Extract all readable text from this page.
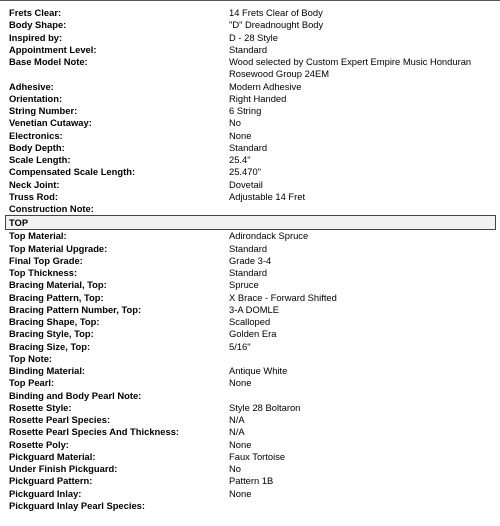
Frets Clear:	14 Frets Clear of Body
Body Shape:	"D" Dreadnought Body
Inspired by:	D - 28 Style
Appointment Level:	Standard
Base Model Note:	Wood selected by Custom Expert Empire Music Honduran Rosewood Group 24EM
Adhesive:	Modern Adhesive
Orientation:	Right Handed
String Number:	6 String
Venetian Cutaway:	No
Electronics:	None
Body Depth:	Standard
Scale Length:	25.4"
Compensated Scale Length:	25.470"
Neck Joint:	Dovetail
Truss Rod:	Adjustable 14 Fret
Construction Note:
TOP
Top Material:	Adirondack Spruce
Top Material Upgrade:	Standard
Final Top Grade:	Grade 3-4
Top Thickness:	Standard
Bracing Material, Top:	Spruce
Bracing Pattern, Top:	X Brace - Forward Shifted
Bracing Pattern Number, Top:	3-A DOMLE
Bracing Shape, Top:	Scalloped
Bracing Style, Top:	Golden Era
Bracing Size, Top:	5/16"
Top Note:
Binding Material:	Antique White
Top Pearl:	None
Binding and Body Pearl Note:
Rosette Style:	Style 28 Boltaron
Rosette Pearl Species:	N/A
Rosette Pearl Species And Thickness:	N/A
Rosette Poly:	None
Pickguard Material:	Faux Tortoise
Under Finish Pickguard:	No
Pickguard Pattern:	Pattern 1B
Pickguard Inlay:	None
Pickguard Inlay Pearl Species:
